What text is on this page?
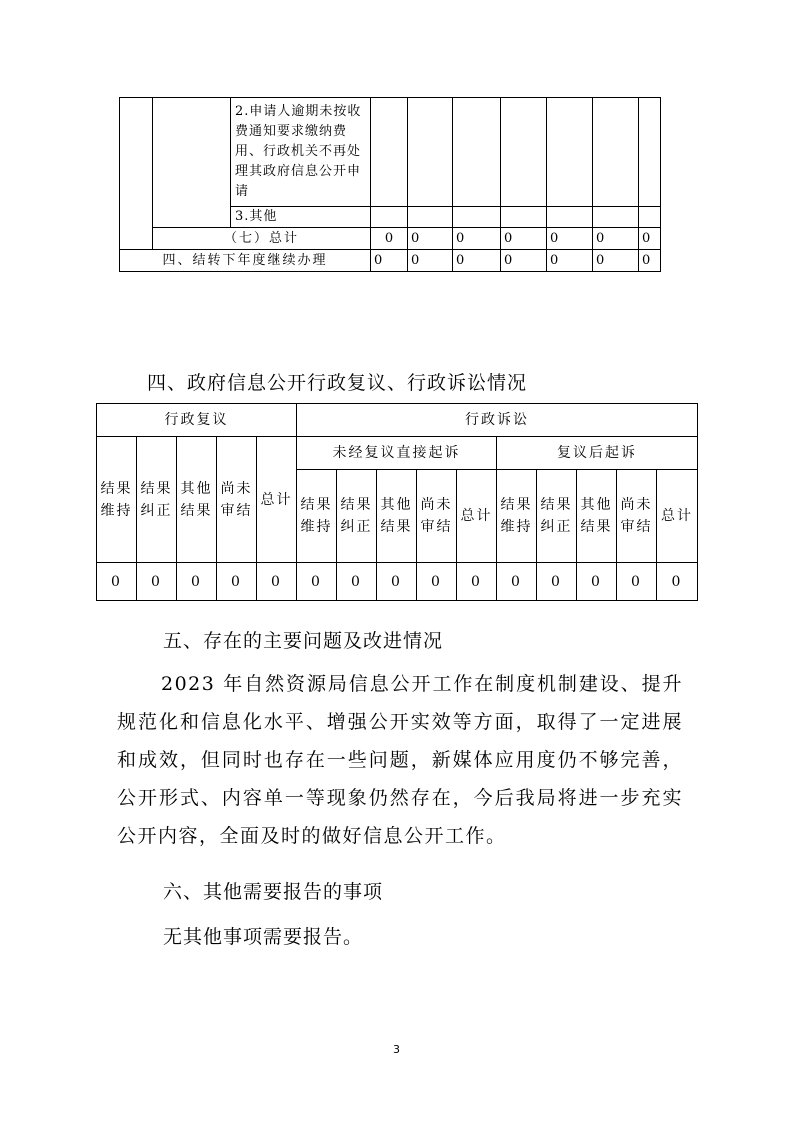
		2.申请人逾期未按收费通知要求缴纳费用、行政机关不再处理其政府信息公开申请							
		3.其他							
	（七）总计		0	0	0	0	0	0	0
四、结转下年度继续办理			0	0	0	0	0	0	0
四、政府信息公开行政复议、行政诉讼情况
行政复议					行政诉讼									
结果维持	结果纠正	其他结果	尚未审结	总计	未经复议直接起诉					复议后起诉				
					结果维持	结果纠正	其他结果	尚未审结	总计	结果维持	结果纠正	其他结果	尚未审结	总计
0	0	0	0	0	0	0	0	0	0	0	0	0	0	0
五、存在的主要问题及改进情况
2023 年自然资源局信息公开工作在制度机制建设、提升规范化和信息化水平、增强公开实效等方面，取得了一定进展和成效，但同时也存在一些问题，新媒体应用度仍不够完善，公开形式、内容单一等现象仍然存在，今后我局将进一步充实公开内容，全面及时的做好信息公开工作。
六、其他需要报告的事项
无其他事项需要报告。
3
